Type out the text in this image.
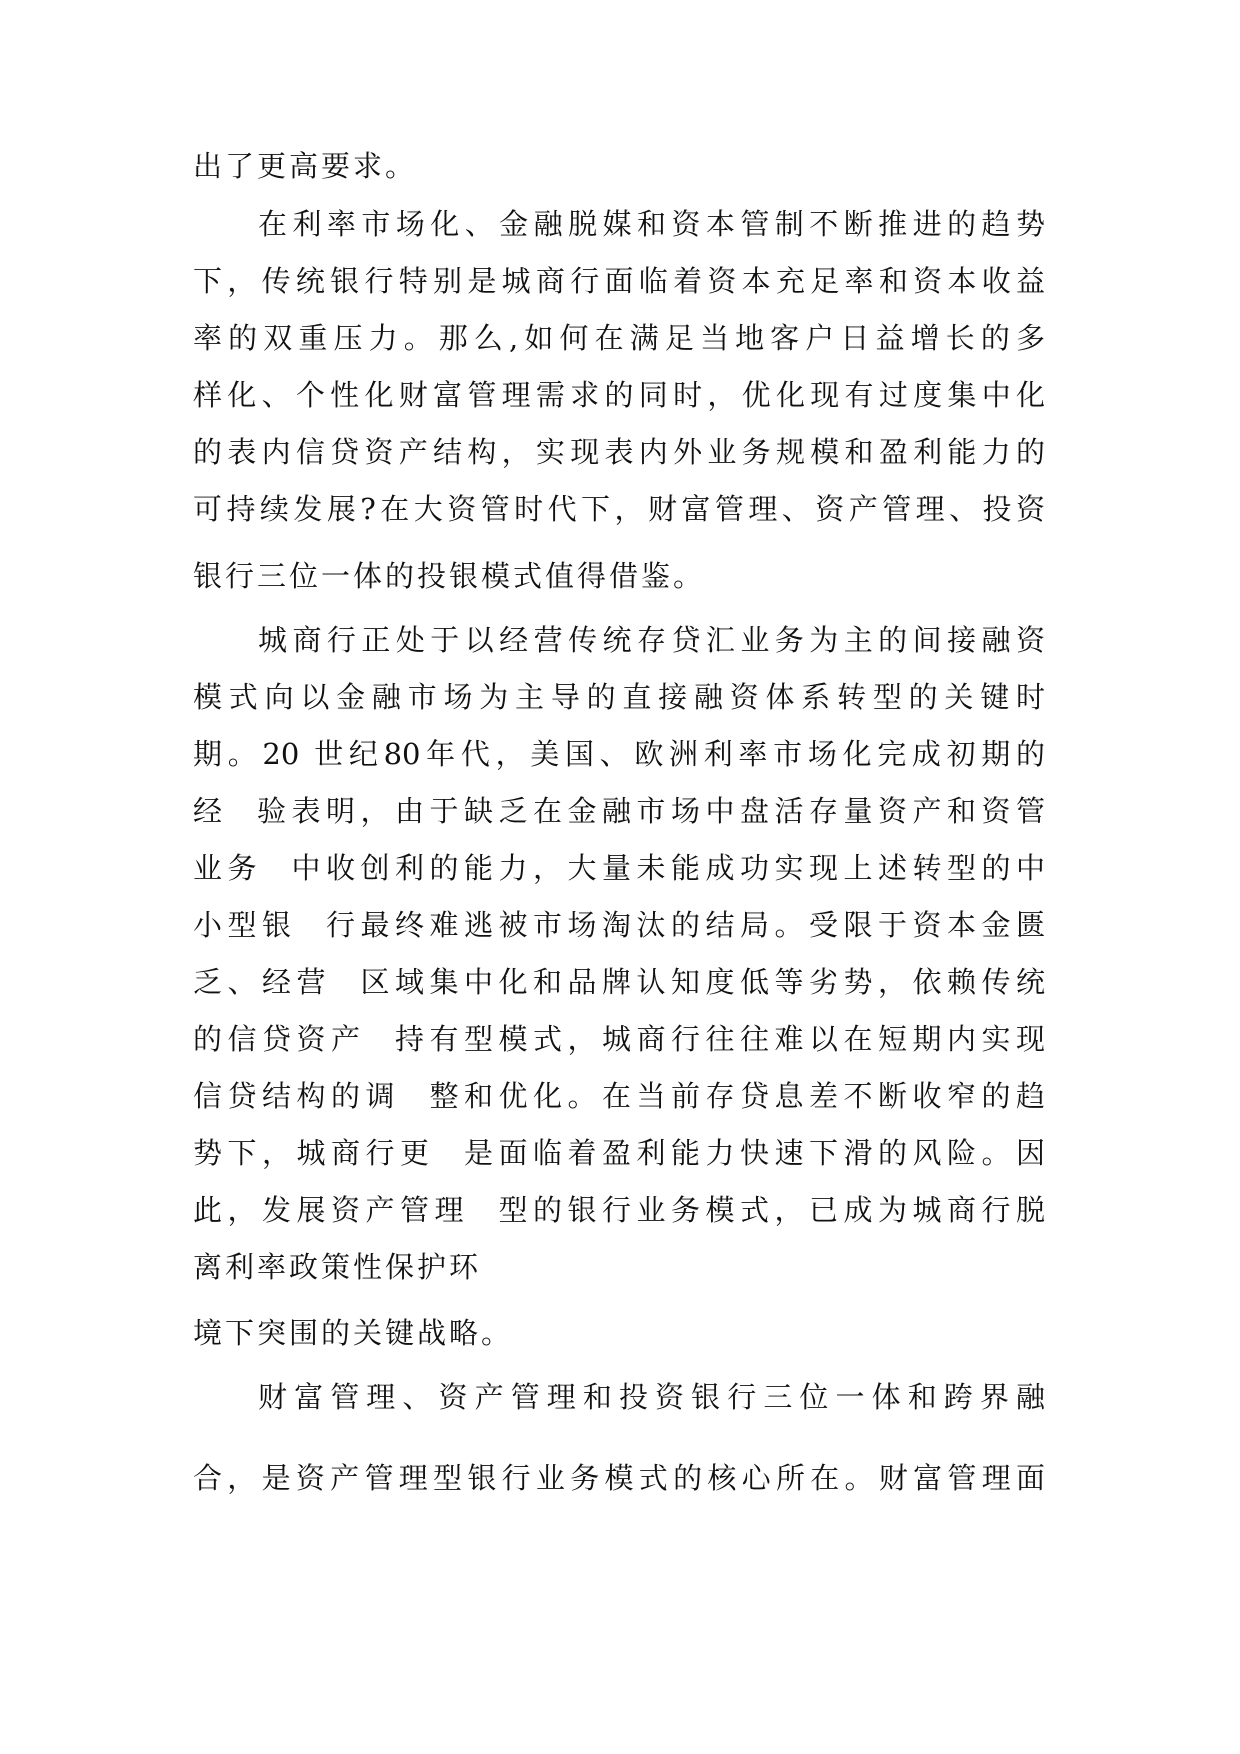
出了更高要求。
在利率市场化、金融脱媒和资本管制不断推进的趋势
下，传统银行特别是城商行面临着资本充足率和资本收益
率的双重压力。那么,如何在满足当地客户日益增长的多
样化、个性化财富管理需求的同时，优化现有过度集中化
的表内信贷资产结构，实现表内外业务规模和盈利能力的
可持续发展?在大资管时代下，财富管理、资产管理、投资
银行三位一体的投银模式值得借鉴。
城商行正处于以经营传统存贷汇业务为主的间接融资
模式向以金融市场为主导的直接融资体系转型的关键时
期。20 世纪80年代，美国、欧洲利率市场化完成初期的
经  验表明，由于缺乏在金融市场中盘活存量资产和资管
业务  中收创利的能力，大量未能成功实现上述转型的中
小型银  行最终难逃被市场淘汰的结局。受限于资本金匮
乏、经营  区域集中化和品牌认知度低等劣势，依赖传统
的信贷资产  持有型模式，城商行往往难以在短期内实现
信贷结构的调  整和优化。在当前存贷息差不断收窄的趋
势下，城商行更  是面临着盈利能力快速下滑的风险。因
此，发展资产管理  型的银行业务模式，已成为城商行脱
离利率政策性保护环
境下突围的关键战略。
财富管理、资产管理和投资银行三位一体和跨界融
合，是资产管理型银行业务模式的核心所在。财富管理面
